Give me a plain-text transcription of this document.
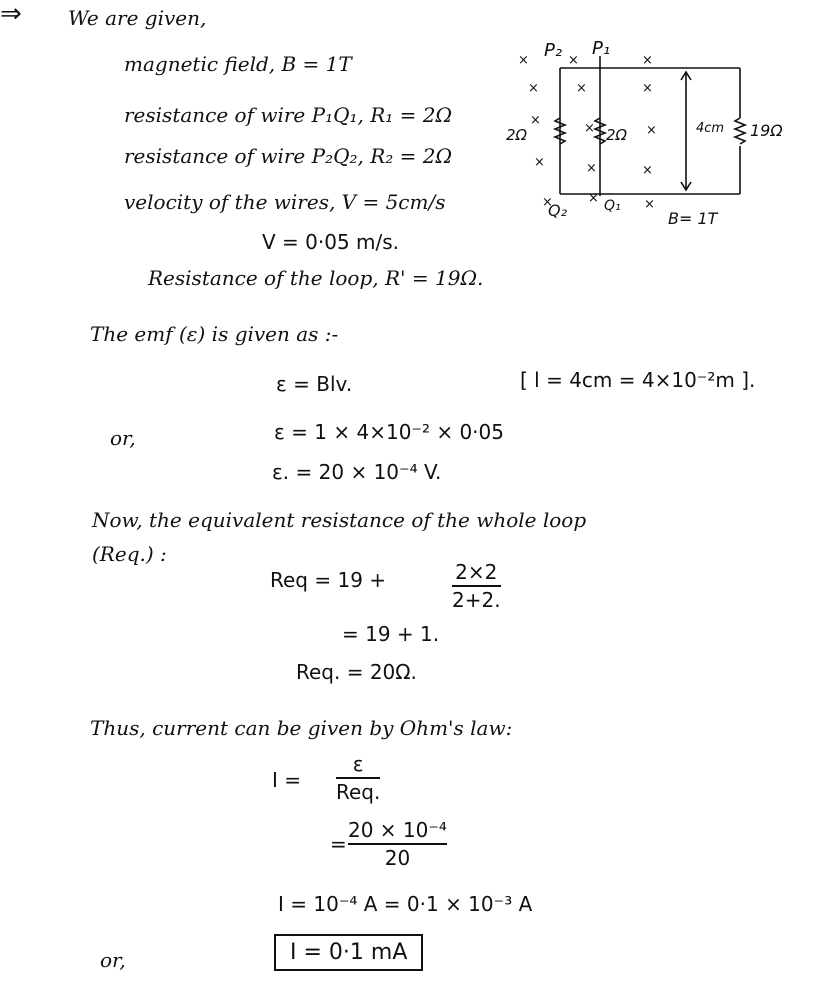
⇒ We are given,
magnetic field, B = 1T
resistance of wire P₁Q₁, R₁ = 2Ω
resistance of wire P₂Q₂, R₂ = 2Ω
velocity of the wires, V = 5cm/s
V = 0·05 m/s.
Resistance of the loop, R' = 19Ω.
P₂ P₁
Q₂	Q₁
2Ω	2Ω	19Ω
4cm
B= 1T
×	×	×
×	×	×
×
×	×
×	×	×
×	×	×
The emf (ε) is given as :-
ε = Blv.	[ l = 4cm = 4×10⁻²m ].
or,	ε = 1 × 4×10⁻² × 0·05
ε. = 20 × 10⁻⁴ V.
Now, the equivalent resistance of the whole loop
(Req.) :
Req = 19 +	2×2
2+2.
= 19 + 1.
Req. = 20Ω.
Thus, current can be given by Ohm's law:
I =
ε
Req.
=
20 × 10⁻⁴
20
I = 10⁻⁴ A = 0·1 × 10⁻³ A
or,	I = 0·1 mA
